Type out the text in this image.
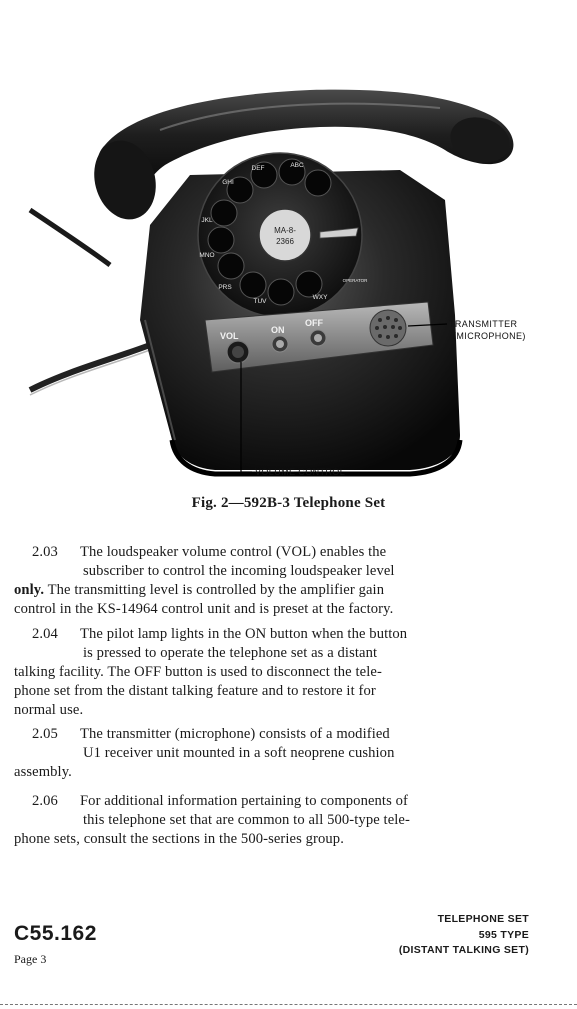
MA-8-
2366
ABC
DEF
GHI
JKL
MNO
PRS
TUV
WXY
OPERATOR
VOL
ON
OFF	TRANSMITTER
(MICROPHONE)
VOLUME CONTROL
Fig. 2—592B-3 Telephone Set
2.03 The loudspeaker volume control (VOL) enables the
subscriber to control the incoming loudspeaker level
only. The transmitting level is controlled by the amplifier gain
control in the KS-14964 control unit and is preset at the factory.
2.04 The pilot lamp lights in the ON button when the button
is pressed to operate the telephone set as a distant
talking facility. The OFF button is used to disconnect the tele-
phone set from the distant talking feature and to restore it for
normal use.
2.05 The transmitter (microphone) consists of a modified
U1 receiver unit mounted in a soft neoprene cushion
assembly.
2.06 For additional information pertaining to components of
this telephone set that are common to all 500-type tele-
phone sets, consult the sections in the 500-series group.
C55.162
Page 3
TELEPHONE SET
595 TYPE
(DISTANT TALKING SET)
